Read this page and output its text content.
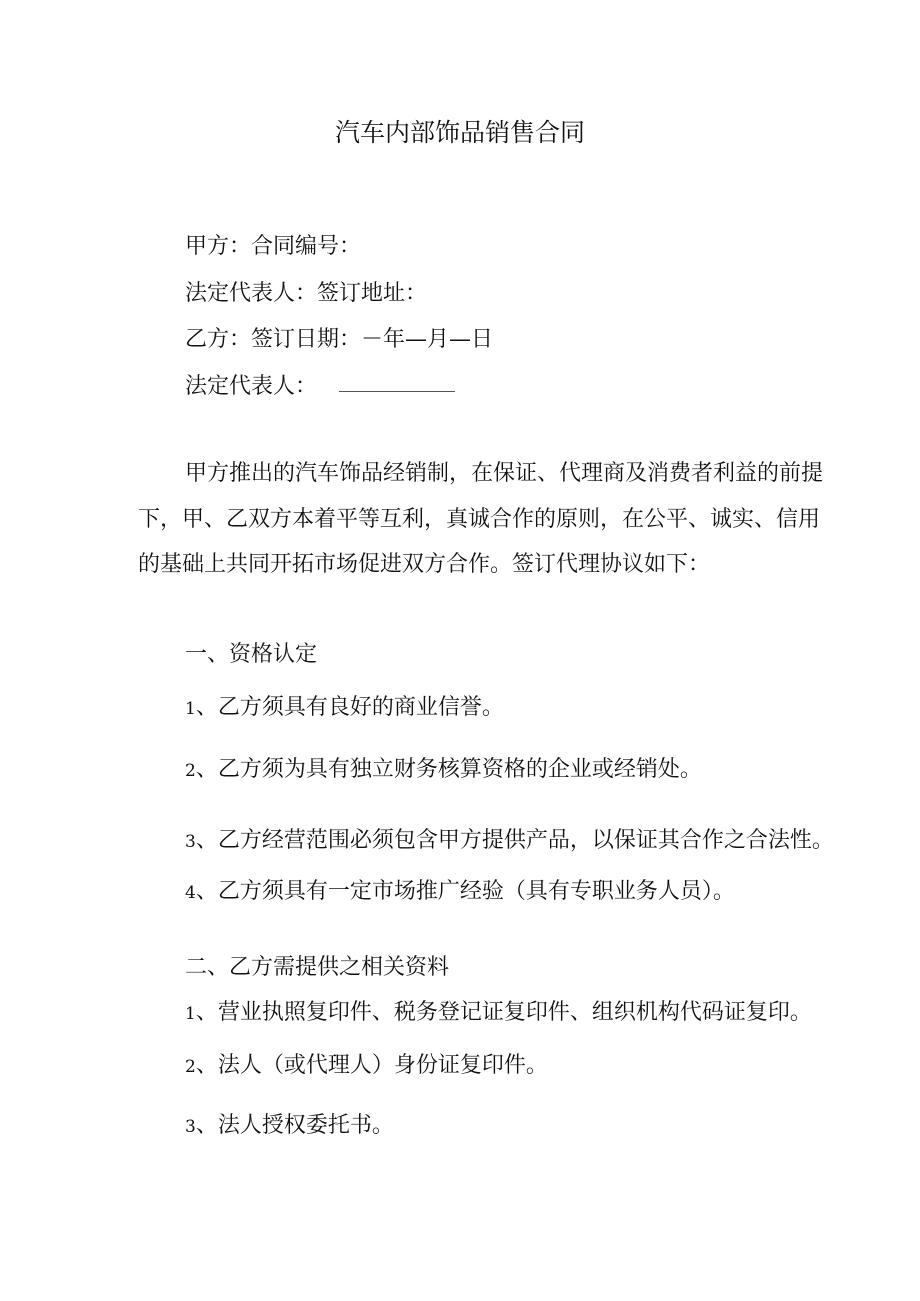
汽车内部饰品销售合同
甲方：合同编号：
法定代表人：签订地址：
乙方：签订日期：－年—月—日
法定代表人：
甲方推出的汽车饰品经销制，在保证、代理商及消费者利益的前提
下，甲、乙双方本着平等互利，真诚合作的原则，在公平、诚实、信用
的基础上共同开拓市场促进双方合作。签订代理协议如下：
一、资格认定
1、乙方须具有良好的商业信誉。
2、乙方须为具有独立财务核算资格的企业或经销处。
3、乙方经营范围必须包含甲方提供产品，以保证其合作之合法性。
4、乙方须具有一定市场推广经验（具有专职业务人员）。
二、乙方需提供之相关资料
1、营业执照复印件、税务登记证复印件、组织机构代码证复印。
2、法人（或代理人）身份证复印件。
3、法人授权委托书。
